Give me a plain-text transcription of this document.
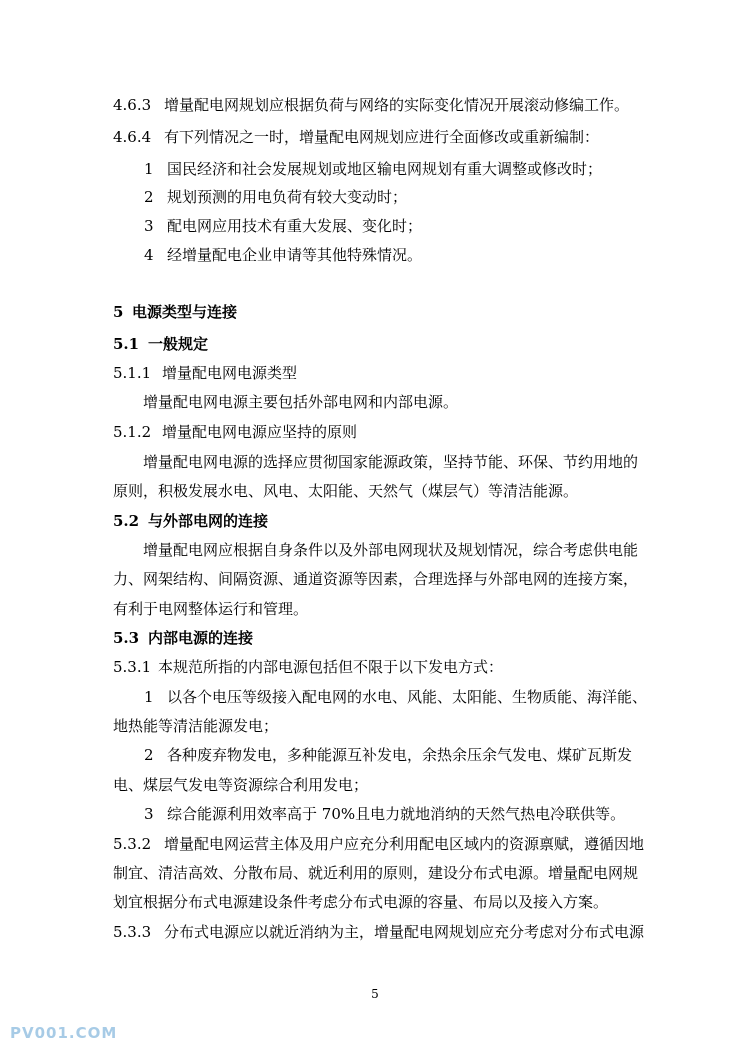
4.6.3 增量配电网规划应根据负荷与网络的实际变化情况开展滚动修编工作。
4.6.4 有下列情况之一时，增量配电网规划应进行全面修改或重新编制：
1 国民经济和社会发展规划或地区输电网规划有重大调整或修改时；
2 规划预测的用电负荷有较大变动时；
3 配电网应用技术有重大发展、变化时；
4 经增量配电企业申请等其他特殊情况。
5 电源类型与连接
5.1 一般规定
5.1.1 增量配电网电源类型
增量配电网电源主要包括外部电网和内部电源。
5.1.2 增量配电网电源应坚持的原则
增量配电网电源的选择应贯彻国家能源政策，坚持节能、环保、节约用地的
原则，积极发展水电、风电、太阳能、天然气（煤层气）等清洁能源。
5.2 与外部电网的连接
增量配电网应根据自身条件以及外部电网现状及规划情况，综合考虑供电能
力、网架结构、间隔资源、通道资源等因素，合理选择与外部电网的连接方案，
有利于电网整体运行和管理。
5.3 内部电源的连接
5.3.1 本规范所指的内部电源包括但不限于以下发电方式：
1 以各个电压等级接入配电网的水电、风能、太阳能、生物质能、海洋能、
地热能等清洁能源发电；
2 各种废弃物发电，多种能源互补发电，余热余压余气发电、煤矿瓦斯发
电、煤层气发电等资源综合利用发电；
3 综合能源利用效率高于 70%且电力就地消纳的天然气热电冷联供等。
5.3.2 增量配电网运营主体及用户应充分利用配电区域内的资源禀赋，遵循因地
制宜、清洁高效、分散布局、就近利用的原则，建设分布式电源。增量配电网规
划宜根据分布式电源建设条件考虑分布式电源的容量、布局以及接入方案。
5.3.3 分布式电源应以就近消纳为主，增量配电网规划应充分考虑对分布式电源
5
PV001.COM
